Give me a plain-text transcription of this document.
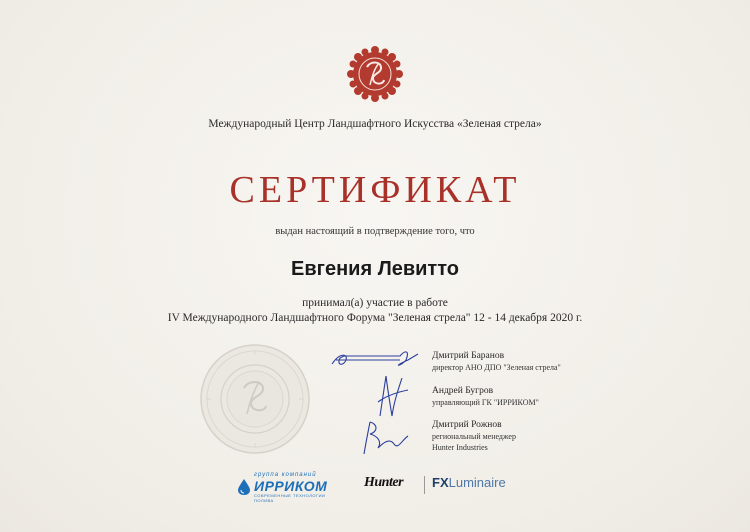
Международный Центр Ландшафтного Искусства «Зеленая стрела»
СЕРТИФИКАТ
выдан настоящий в подтверждение того, что
Евгения Левитто
принимал(а) участие в работе
IV Международного Ландшафтного Форума "Зеленая стрела" 12 - 14 декабря 2020 г.
Дмитрий Баранов
директор АНО ДПО "Зеленая стрела"
Андрей Бугров
управляющий ГК "ИРРИКОМ"
Дмитрий Рожнов
региональный менеджер
Hunter Industries
группа компаний
ИРРИКОМ
СОВРЕМЕННЫЕ ТЕХНОЛОГИИ ПОЛИВА
Hunter FXLuminaire
